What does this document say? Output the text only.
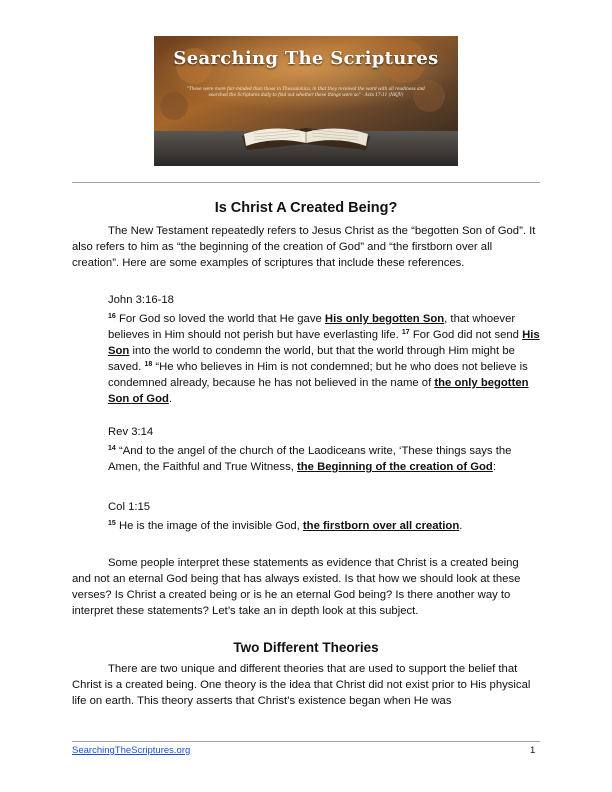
Searching The Scriptures
"These were more fair-minded than those in Thessalonica, in that they received the word with all readiness and searched the Scriptures daily to find out whether these things were so" - Acts 17:11 (NKJV)
Is Christ A Created Being?

The New Testament repeatedly refers to Jesus Christ as the “begotten Son of God”. It also refers to him as “the beginning of the creation of God” and “the firstborn over all creation”. Here are some examples of scriptures that include these references.

John 3:16-18

$^{16}$ For God so loved the world that He gave His only begotten Son, that whoever believes in Him should not perish but have everlasting life. $^{17}$ For God did not send His Son into the world to condemn the world, but that the world through Him might be saved. $^{18}$ “He who believes in Him is not condemned; but he who does not believe is condemned already, because he has not believed in the name of the only begotten Son of God.

Rev 3:14

$^{14}$ “And to the angel of the church of the Laodiceans write, ‘These things says the Amen, the Faithful and True Witness, the Beginning of the creation of God:

Col 1:15

$^{15}$ He is the image of the invisible God, the firstborn over all creation.

Some people interpret these statements as evidence that Christ is a created being and not an eternal God being that has always existed. Is that how we should look at these verses? Is Christ a created being or is he an eternal God being? Is there another way to interpret these statements? Let’s take an in depth look at this subject.

Two Different Theories

There are two unique and different theories that are used to support the belief that Christ is a created being. One theory is the idea that Christ did not exist prior to His physical life on earth. This theory asserts that Christ’s existence began when He was

SearchingTheScriptures.org	1
